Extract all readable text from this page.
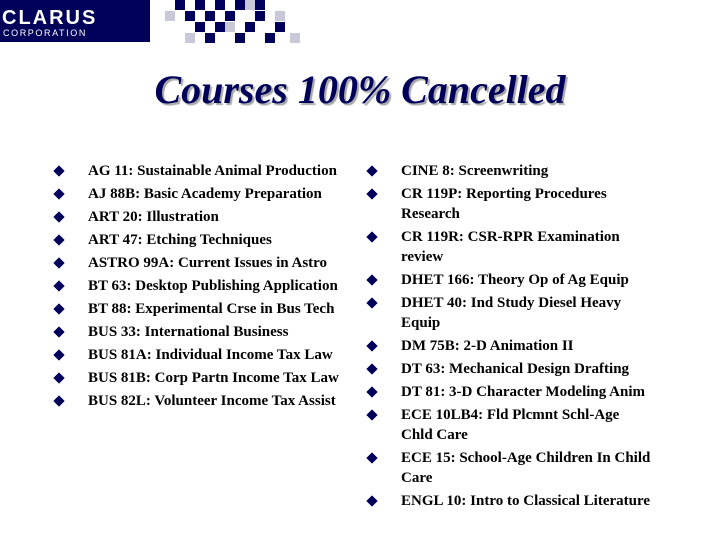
CLARUS
CORPORATION
Courses 100% Cancelled
AG 11: Sustainable Animal Production
AJ 88B: Basic Academy Preparation
ART 20: Illustration
ART 47: Etching Techniques
ASTRO 99A: Current Issues in Astro
BT 63: Desktop Publishing Application
BT 88: Experimental Crse in Bus Tech
BUS 33: International Business
BUS 81A: Individual Income Tax Law
BUS 81B: Corp Partn Income Tax Law
BUS 82L: Volunteer Income Tax Assist
CINE 8: Screenwriting
CR 119P: Reporting Procedures Research
CR 119R: CSR-RPR Examination review
DHET 166: Theory Op of Ag Equip
DHET 40: Ind Study Diesel Heavy Equip
DM 75B: 2-D Animation II
DT 63: Mechanical Design Drafting
DT 81: 3-D Character Modeling Anim
ECE 10LB4: Fld Plcmnt Schl-Age Chld Care
ECE 15: School-Age Children In Child Care
ENGL 10: Intro to Classical Literature
